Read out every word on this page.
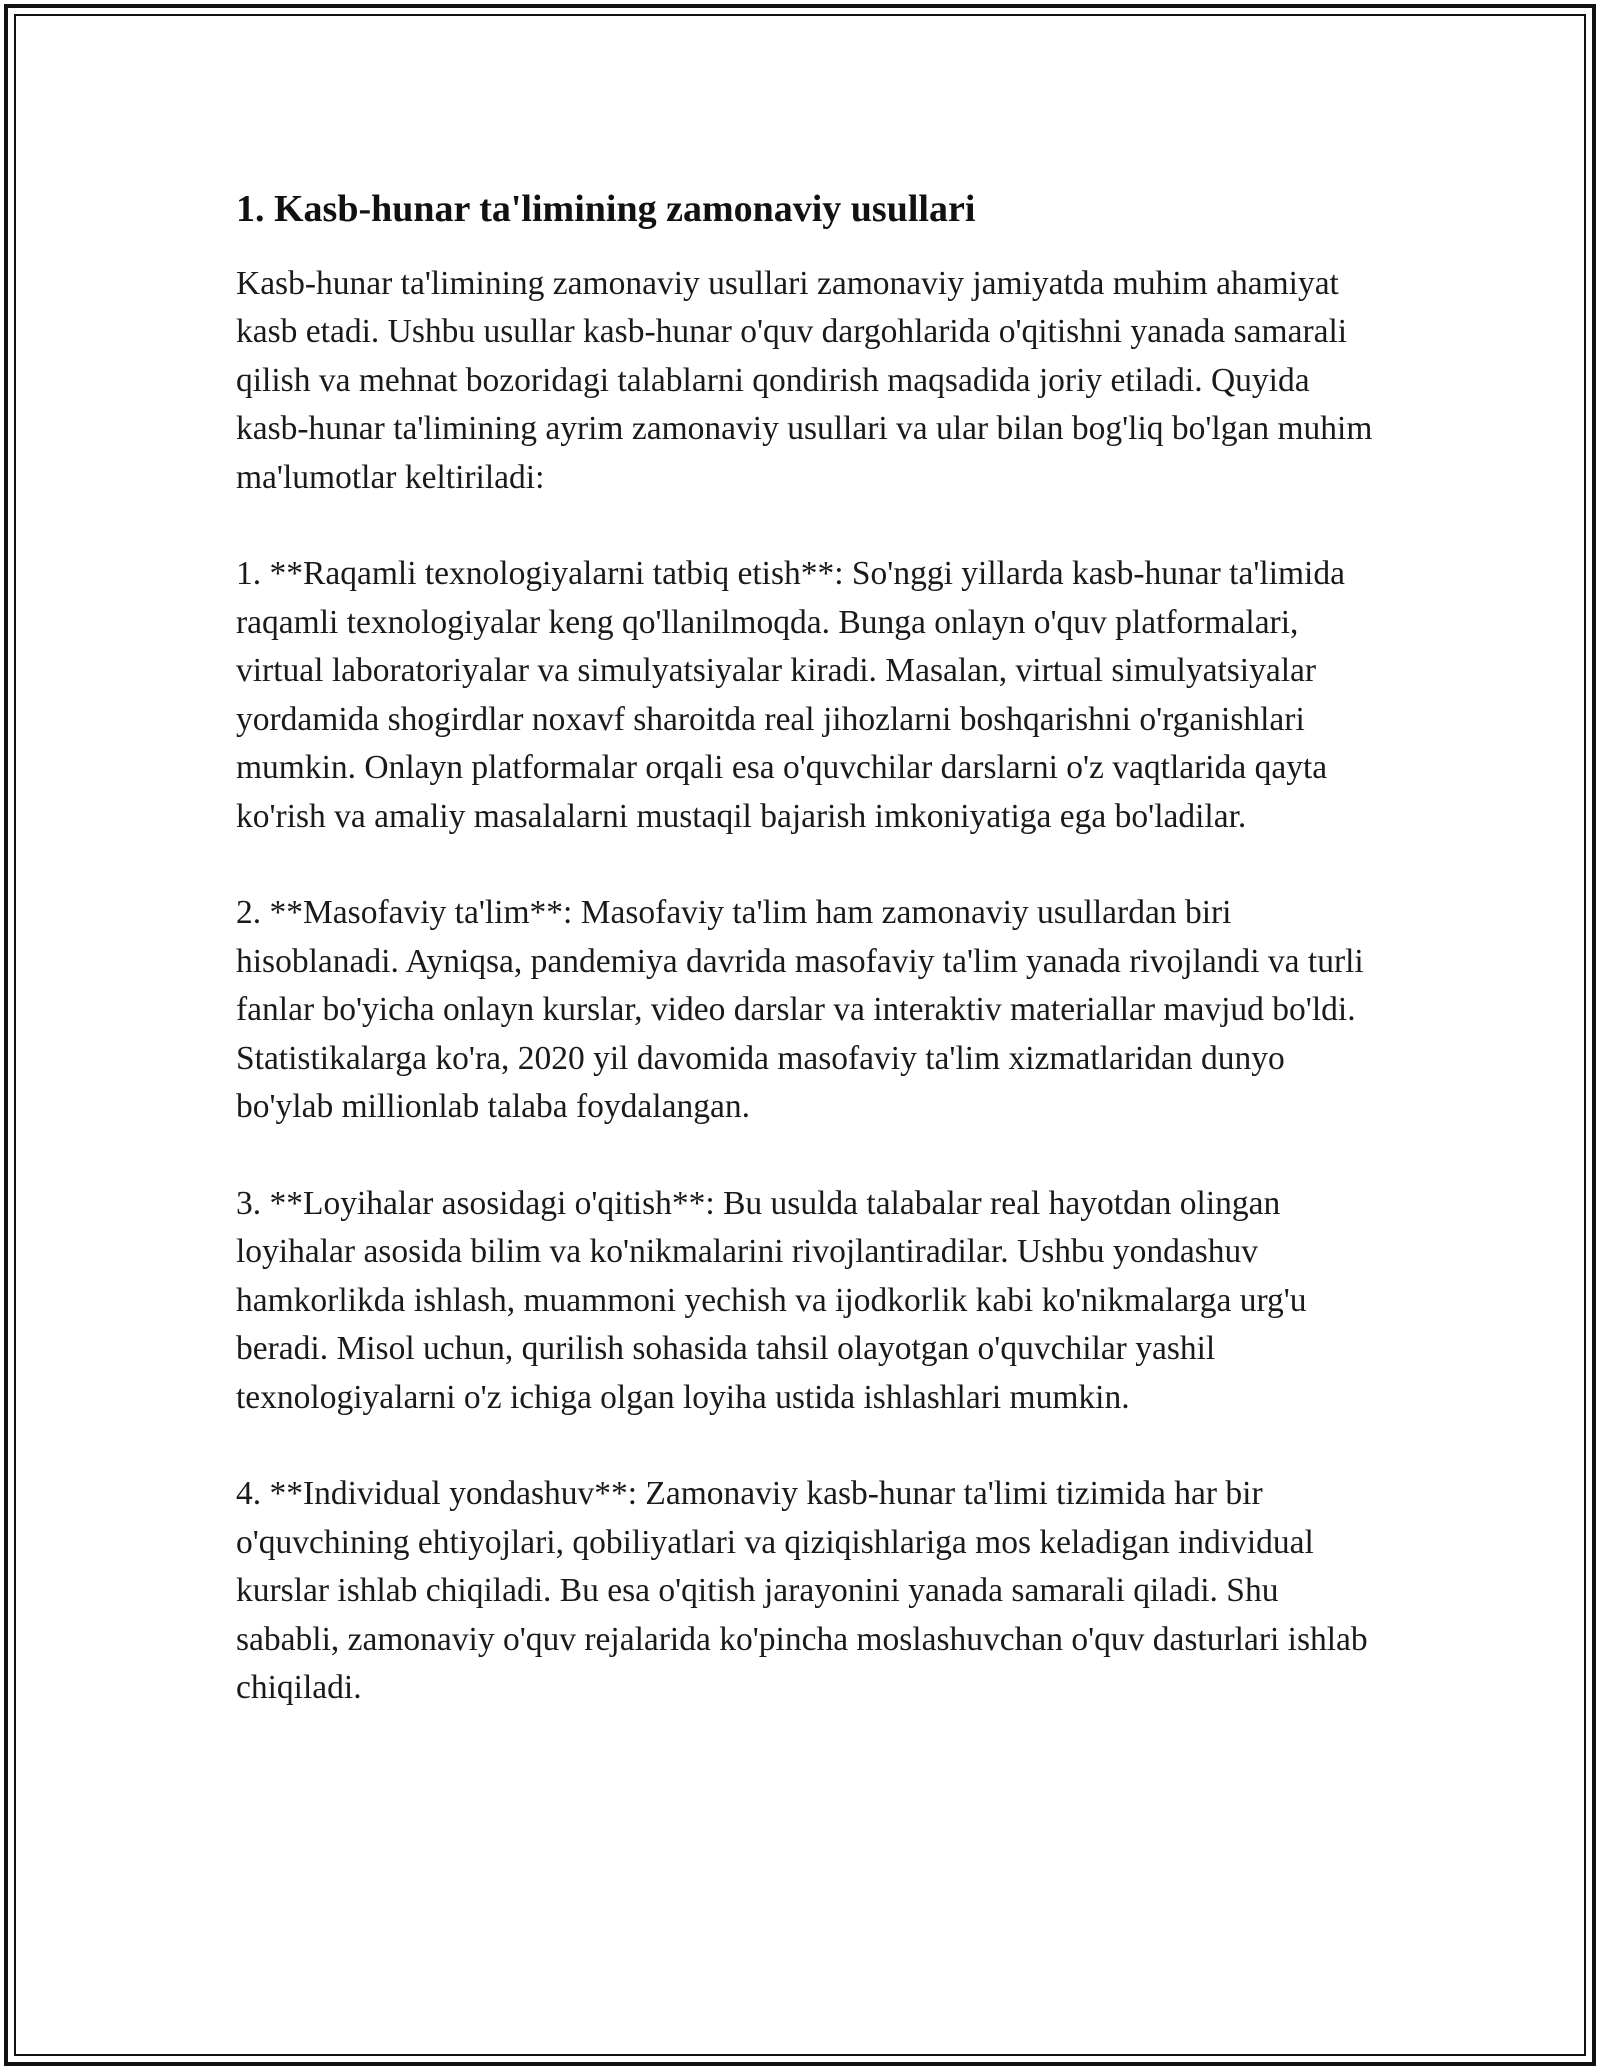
1. Kasb-hunar ta'limining zamonaviy usullari

Kasb-hunar ta'limining zamonaviy usullari zamonaviy jamiyatda muhim ahamiyat kasb etadi. Ushbu usullar kasb-hunar o'quv dargohlarida o'qitishni yanada samarali qilish va mehnat bozoridagi talablarni qondirish maqsadida joriy etiladi. Quyida kasb-hunar ta'limining ayrim zamonaviy usullari va ular bilan bog'liq bo'lgan muhim ma'lumotlar keltiriladi:

1. **Raqamli texnologiyalarni tatbiq etish**: So'nggi yillarda kasb-hunar ta'limida raqamli texnologiyalar keng qo'llanilmoqda. Bunga onlayn o'quv platformalari, virtual laboratoriyalar va simulyatsiyalar kiradi. Masalan, virtual simulyatsiyalar yordamida shogirdlar noxavf sharoitda real jihozlarni boshqarishni o'rganishlari mumkin. Onlayn platformalar orqali esa o'quvchilar darslarni o'z vaqtlarida qayta ko'rish va amaliy masalalarni mustaqil bajarish imkoniyatiga ega bo'ladilar.

2. **Masofaviy ta'lim**: Masofaviy ta'lim ham zamonaviy usullardan biri hisoblanadi. Ayniqsa, pandemiya davrida masofaviy ta'lim yanada rivojlandi va turli fanlar bo'yicha onlayn kurslar, video darslar va interaktiv materiallar mavjud bo'ldi. Statistikalarga ko'ra, 2020 yil davomida masofaviy ta'lim xizmatlaridan dunyo bo'ylab millionlab talaba foydalangan.

3. **Loyihalar asosidagi o'qitish**: Bu usulda talabalar real hayotdan olingan loyihalar asosida bilim va ko'nikmalarini rivojlantiradilar. Ushbu yondashuv hamkorlikda ishlash, muammoni yechish va ijodkorlik kabi ko'nikmalarga urg'u beradi. Misol uchun, qurilish sohasida tahsil olayotgan o'quvchilar yashil texnologiyalarni o'z ichiga olgan loyiha ustida ishlashlari mumkin.

4. **Individual yondashuv**: Zamonaviy kasb-hunar ta'limi tizimida har bir o'quvchining ehtiyojlari, qobiliyatlari va qiziqishlariga mos keladigan individual kurslar ishlab chiqiladi. Bu esa o'qitish jarayonini yanada samarali qiladi. Shu sababli, zamonaviy o'quv rejalarida ko'pincha moslashuvchan o'quv dasturlari ishlab chiqiladi.
